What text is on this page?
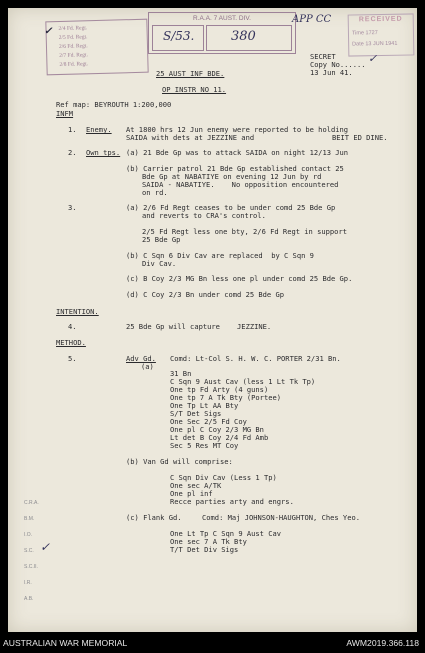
2/4 Fd. Regt.
2/5 Fd. Regt.
2/6 Fd. Regt.
2/7 Fd. Regt.
2/8 Fd. Regt.
✓
R.A.A. 7 AUST. DIV.
S/53.	380
APP CC	RECEIVED
Time 1727
Date 13 JUN 1941
SECRET
Copy No...... ✓
13 Jun 41.
25 AUST INF BDE.
OP INSTR NO 11.
Ref map: BEYROUTH 1:200,000
INFM
1. Enemy. At 1800 hrs 12 Jun enemy were reported to be holding
SAIDA with dets at JEZZINE and	BEIT ED DINE.
2. Own tps. (a) 21 Bde Gp was to attack SAIDA on night 12/13 Jun
(b) Carrier patrol 21 Bde Gp established contact 25
Bde Gp at NABATIYE on evening 12 Jun by rd
SAIDA - NABATIYE.    No opposition encountered
on rd.
3.	(a) 2/6 Fd Regt ceases to be under comd 25 Bde Gp
and reverts to CRA's control.
2/5 Fd Regt less one bty, 2/6 Fd Regt in support
25 Bde Gp
(b) C Sqn 6 Div Cav are replaced  by C Sqn 9
Div Cav.
(c) B Coy 2/3 MG Bn less one pl under comd 25 Bde Gp.
(d) C Coy 2/3 Bn under comd 25 Bde Gp
INTENTION.
4.	25 Bde Gp will capture    JEZZINE.
METHOD.
5.	Adv Gd. Comd: Lt-Col S. H. W. C. PORTER 2/31 Bn.
(a)
31 Bn
C Sqn 9 Aust Cav (less 1 Lt Tk Tp)
One tp Fd Arty (4 guns)
One tp 7 A Tk Bty (Portee)
One Tp Lt AA Bty
S/T Det Sigs
One Sec 2/5 Fd Coy
One pl C Coy 2/3 MG Bn
Lt det B Coy 2/4 Fd Amb
Sec 5 Res MT Coy
(b) Van Gd will comprise:
C Sqn Div Cav (Less 1 Tp)
One sec A/TK
One pl inf
Recce parties arty and engrs.
(c) Flank Gd.	Comd: Maj JOHNSON-HAUGHTON, Ches Yeo.
One Lt Tp C Sqn 9 Aust Cav
One sec 7 A Tk Bty
T/T Det Div Sigs
C.R.A.
B.M.
I.O.
S.C.
S.C.II.
I.R.
A.B.
✓
AUSTRALIAN WAR MEMORIAL	AWM2019.366.118
